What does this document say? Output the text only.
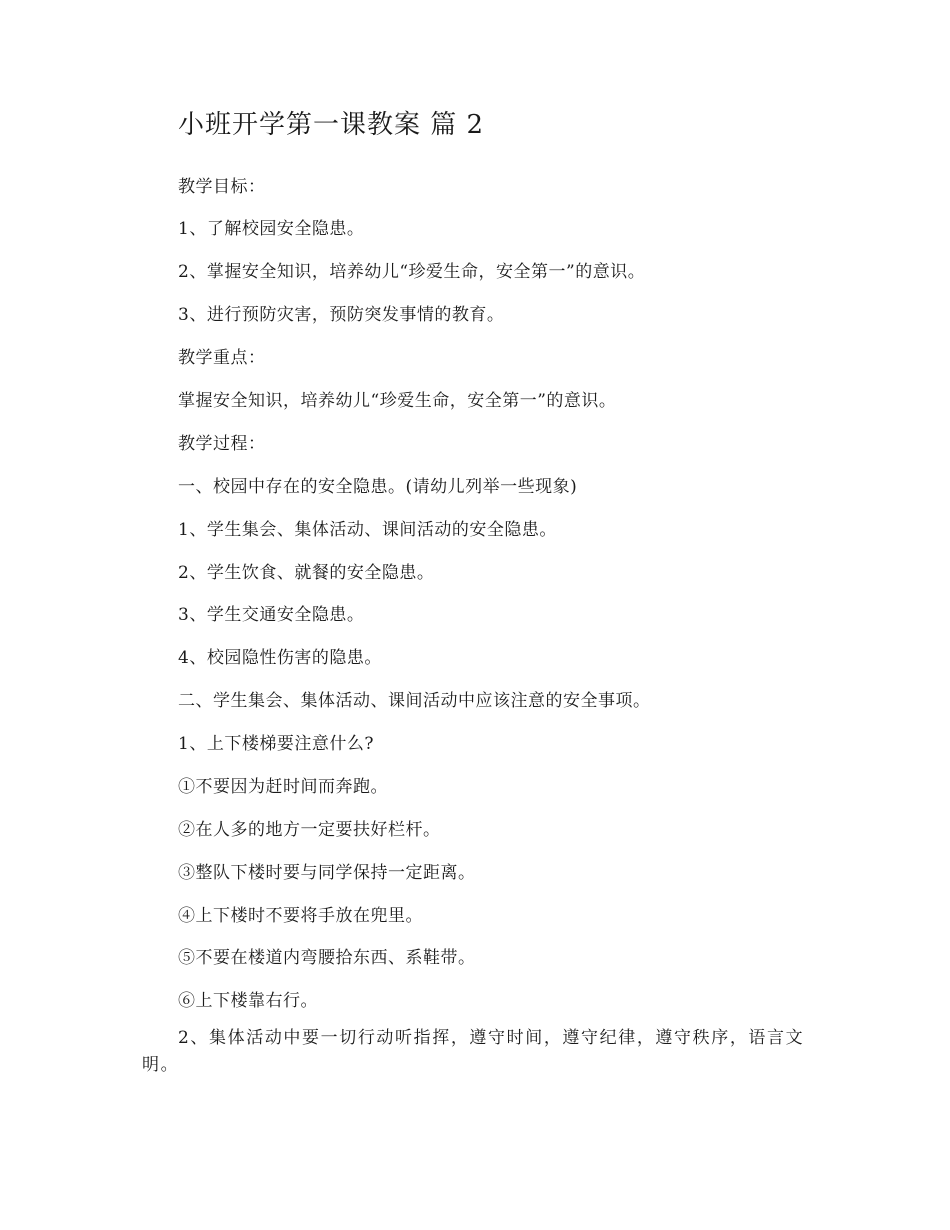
小班开学第一课教案 篇 2
教学目标：
1、了解校园安全隐患。
2、掌握安全知识，培养幼儿“珍爱生命，安全第一”的意识。
3、进行预防灾害，预防突发事情的教育。
教学重点：
掌握安全知识，培养幼儿“珍爱生命，安全第一”的意识。
教学过程：
一、校园中存在的安全隐患。(请幼儿列举一些现象)
1、学生集会、集体活动、课间活动的安全隐患。
2、学生饮食、就餐的安全隐患。
3、学生交通安全隐患。
4、校园隐性伤害的隐患。
二、学生集会、集体活动、课间活动中应该注意的安全事项。
1、上下楼梯要注意什么?
①不要因为赶时间而奔跑。
②在人多的地方一定要扶好栏杆。
③整队下楼时要与同学保持一定距离。
④上下楼时不要将手放在兜里。
⑤不要在楼道内弯腰拾东西、系鞋带。
⑥上下楼靠右行。
2、集体活动中要一切行动听指挥，遵守时间，遵守纪律，遵守秩序，语言文明。
